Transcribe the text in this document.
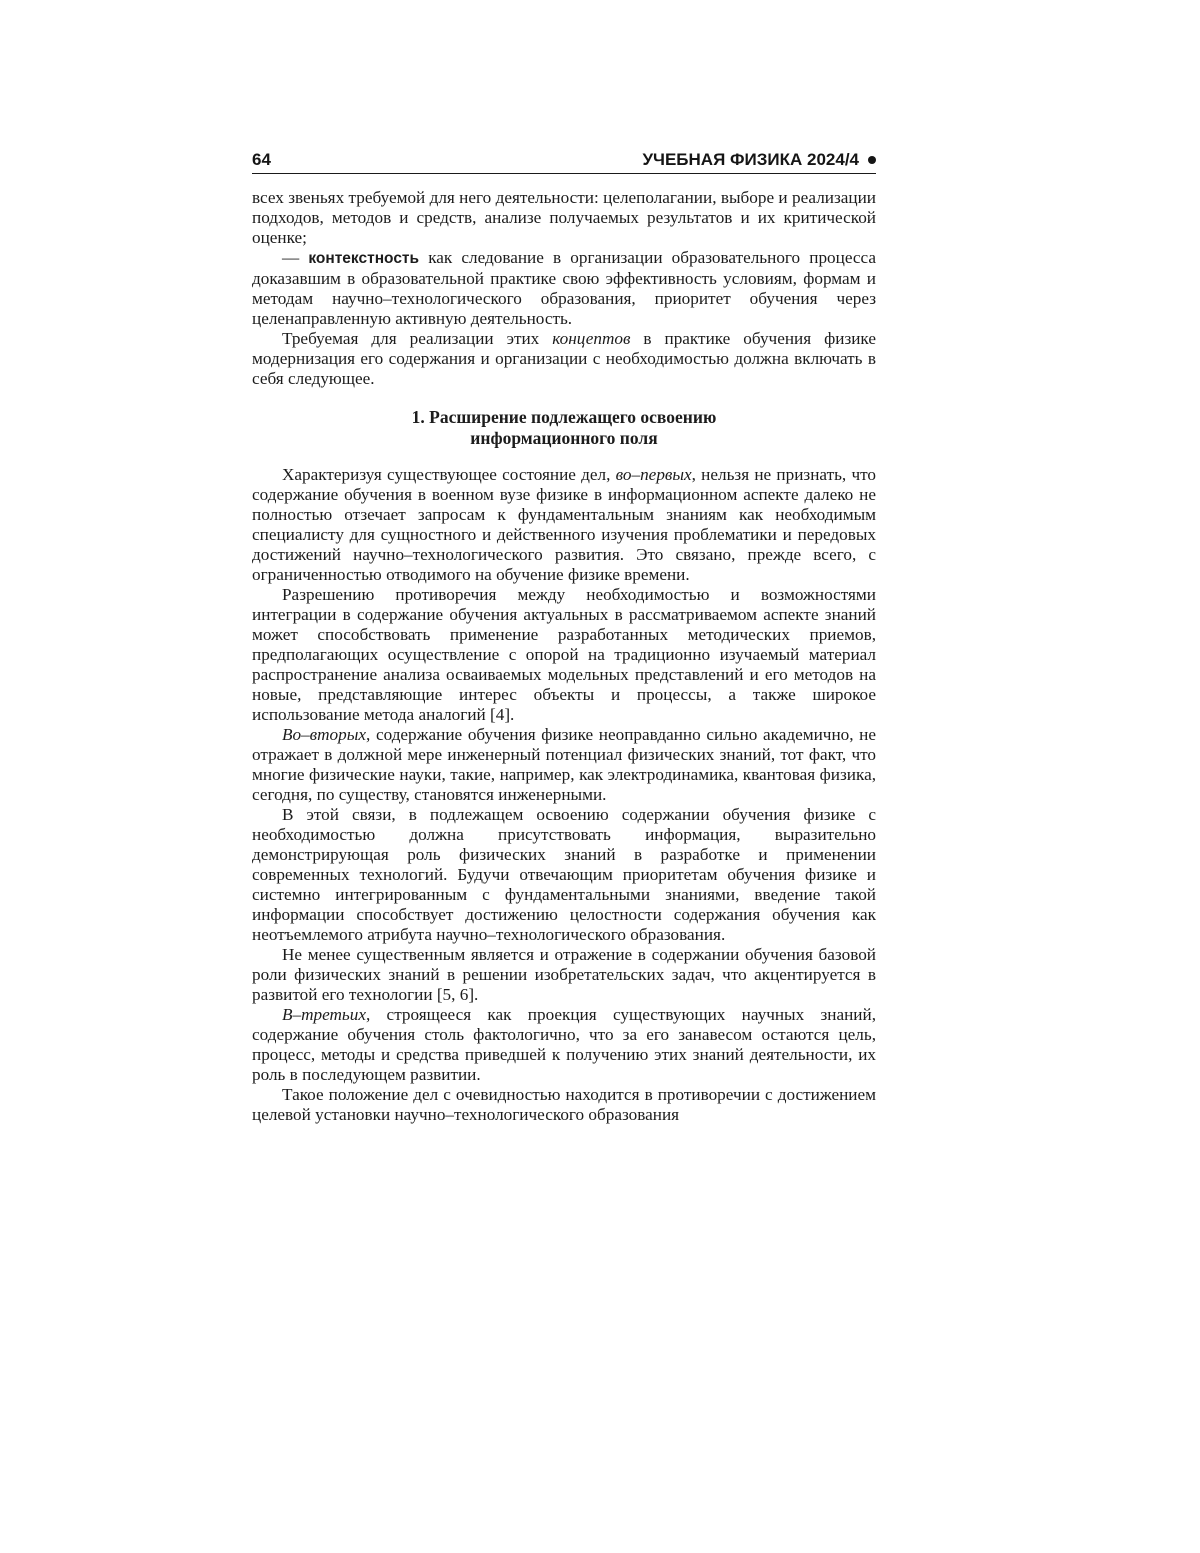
64	УЧЕБНАЯ ФИЗИКА 2024/4

всех звеньях требуемой для него деятельности: целеполагании, выборе и реализации подходов, методов и средств, анализе получаемых результатов и их критической оценке;

— контекстность как следование в организации образовательного процесса доказавшим в образовательной практике свою эффективность условиям, формам и методам научно–технологического образования, приоритет обучения через целенаправленную активную деятельность.

Требуемая для реализации этих концептов в практике обучения физике модернизация его содержания и организации с необходимостью должна включать в себя следующее.

1. Расширение подлежащего освоению
информационного поля

Характеризуя существующее состояние дел, во–первых, нельзя не признать, что содержание обучения в военном вузе физике в информационном аспекте далеко не полностью отзечает запросам к фундаментальным знаниям как необходимым специалисту для сущностного и действенного изучения проблематики и передовых достижений научно–технологического развития. Это связано, прежде всего, с ограниченностью отводимого на обучение физике времени.

Разрешению противоречия между необходимостью и возможностями интеграции в содержание обучения актуальных в рассматриваемом аспекте знаний может способствовать применение разработанных методических приемов, предполагающих осуществление с опорой на традиционно изучаемый материал распространение анализа осваиваемых модельных представлений и его методов на новые, представляющие интерес объекты и процессы, а также широкое использование метода аналогий [4].

Во–вторых, содержание обучения физике неоправданно сильно академично, не отражает в должной мере инженерный потенциал физических знаний, тот факт, что многие физические науки, такие, например, как электродинамика, квантовая физика, сегодня, по существу, становятся инженерными.

В этой связи, в подлежащем освоению содержании обучения физике с необходимостью должна присутствовать информация, выразительно демонстрирующая роль физических знаний в разработке и применении современных технологий. Будучи отвечающим приоритетам обучения физике и системно интегрированным с фундаментальными знаниями, введение такой информации способствует достижению целостности содержания обучения как неотъемлемого атрибута научно–технологического образования.

Не менее существенным является и отражение в содержании обучения базовой роли физических знаний в решении изобретательских задач, что акцентируется в развитой его технологии [5, 6].

В–третьих, строящееся как проекция существующих научных знаний, содержание обучения столь фактологично, что за его занавесом остаются цель, процесс, методы и средства приведшей к получению этих знаний деятельности, их роль в последующем развитии.

Такое положение дел с очевидностью находится в противоречии с достижением целевой установки научно–технологического образования
